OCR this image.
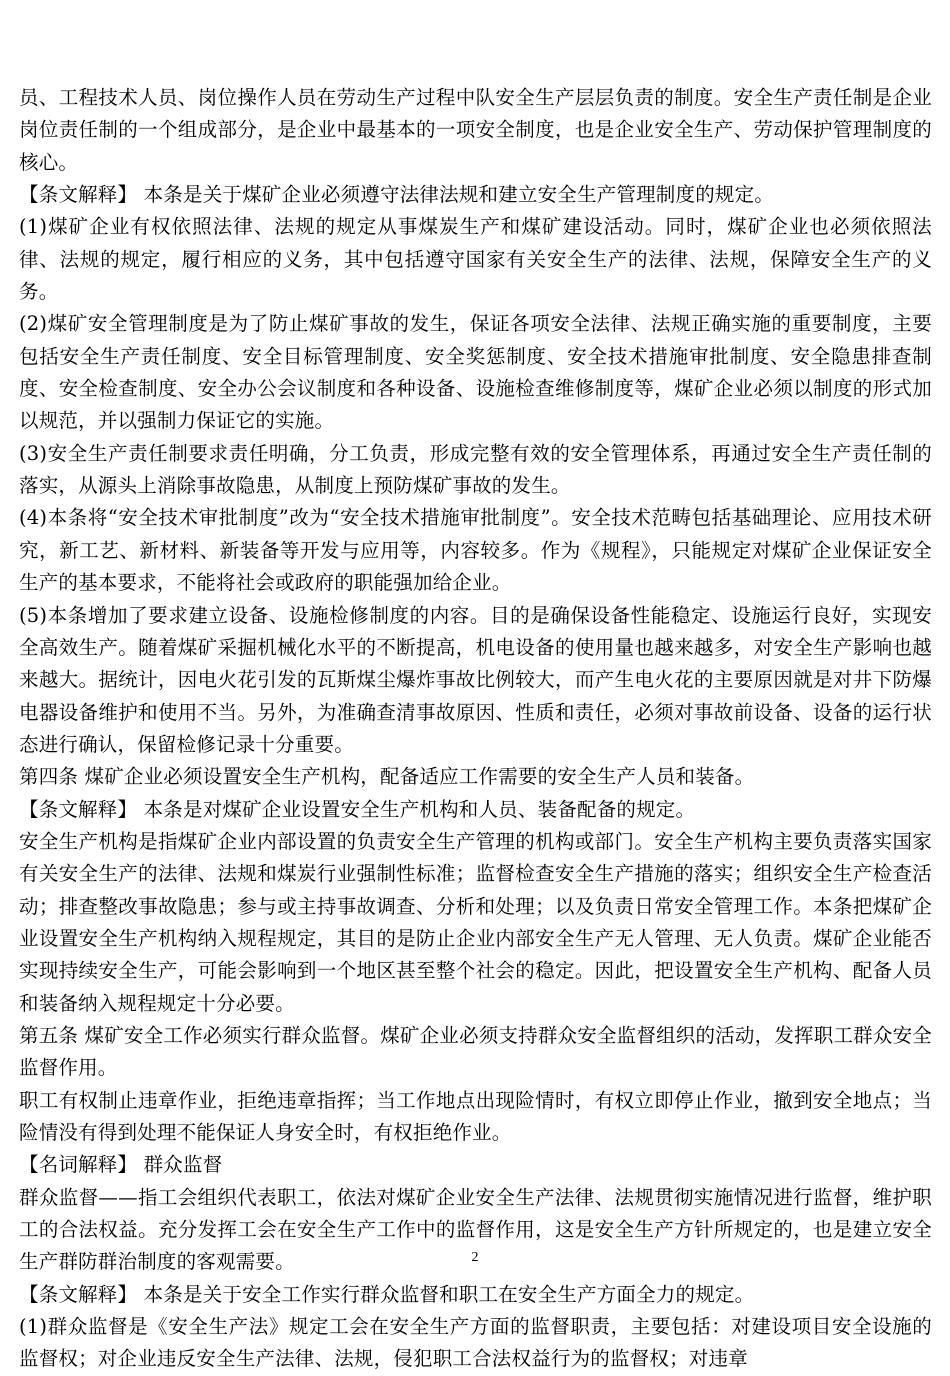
员、工程技术人员、岗位操作人员在劳动生产过程中队安全生产层层负责的制度。安全生产责任制是企业岗位责任制的一个组成部分，是企业中最基本的一项安全制度，也是企业安全生产、劳动保护管理制度的核心。

【条文解释】 本条是关于煤矿企业必须遵守法律法规和建立安全生产管理制度的规定。

(1)煤矿企业有权依照法律、法规的规定从事煤炭生产和煤矿建设活动。同时，煤矿企业也必须依照法律、法规的规定，履行相应的义务，其中包括遵守国家有关安全生产的法律、法规，保障安全生产的义务。

(2)煤矿安全管理制度是为了防止煤矿事故的发生，保证各项安全法律、法规正确实施的重要制度，主要包括安全生产责任制度、安全目标管理制度、安全奖惩制度、安全技术措施审批制度、安全隐患排查制度、安全检查制度、安全办公会议制度和各种设备、设施检查维修制度等，煤矿企业必须以制度的形式加以规范，并以强制力保证它的实施。

(3)安全生产责任制要求责任明确，分工负责，形成完整有效的安全管理体系，再通过安全生产责任制的落实，从源头上消除事故隐患，从制度上预防煤矿事故的发生。

(4)本条将“安全技术审批制度”改为“安全技术措施审批制度”。安全技术范畴包括基础理论、应用技术研究，新工艺、新材料、新装备等开发与应用等，内容较多。作为《规程》，只能规定对煤矿企业保证安全生产的基本要求，不能将社会或政府的职能强加给企业。

(5)本条增加了要求建立设备、设施检修制度的内容。目的是确保设备性能稳定、设施运行良好，实现安全高效生产。随着煤矿采掘机械化水平的不断提高，机电设备的使用量也越来越多，对安全生产影响也越来越大。据统计，因电火花引发的瓦斯煤尘爆炸事故比例较大，而产生电火花的主要原因就是对井下防爆电器设备维护和使用不当。另外，为准确查清事故原因、性质和责任，必须对事故前设备、设备的运行状态进行确认，保留检修记录十分重要。

第四条 煤矿企业必须设置安全生产机构，配备适应工作需要的安全生产人员和装备。

【条文解释】 本条是对煤矿企业设置安全生产机构和人员、装备配备的规定。

安全生产机构是指煤矿企业内部设置的负责安全生产管理的机构或部门。安全生产机构主要负责落实国家有关安全生产的法律、法规和煤炭行业强制性标准；监督检查安全生产措施的落实；组织安全生产检查活动；排查整改事故隐患；参与或主持事故调查、分析和处理；以及负责日常安全管理工作。本条把煤矿企业设置安全生产机构纳入规程规定，其目的是防止企业内部安全生产无人管理、无人负责。煤矿企业能否实现持续安全生产，可能会影响到一个地区甚至整个社会的稳定。因此，把设置安全生产机构、配备人员和装备纳入规程规定十分必要。

第五条 煤矿安全工作必须实行群众监督。煤矿企业必须支持群众安全监督组织的活动，发挥职工群众安全监督作用。

职工有权制止违章作业，拒绝违章指挥；当工作地点出现险情时，有权立即停止作业，撤到安全地点；当险情没有得到处理不能保证人身安全时，有权拒绝作业。

【名词解释】 群众监督

群众监督——指工会组织代表职工，依法对煤矿企业安全生产法律、法规贯彻实施情况进行监督，维护职工的合法权益。充分发挥工会在安全生产工作中的监督作用，这是安全生产方针所规定的，也是建立安全生产群防群治制度的客观需要。

【条文解释】 本条是关于安全工作实行群众监督和职工在安全生产方面全力的规定。

(1)群众监督是《安全生产法》规定工会在安全生产方面的监督职责，主要包括：对建设项目安全设施的监督权；对企业违反安全生产法律、法规，侵犯职工合法权益行为的监督权；对违章

2
